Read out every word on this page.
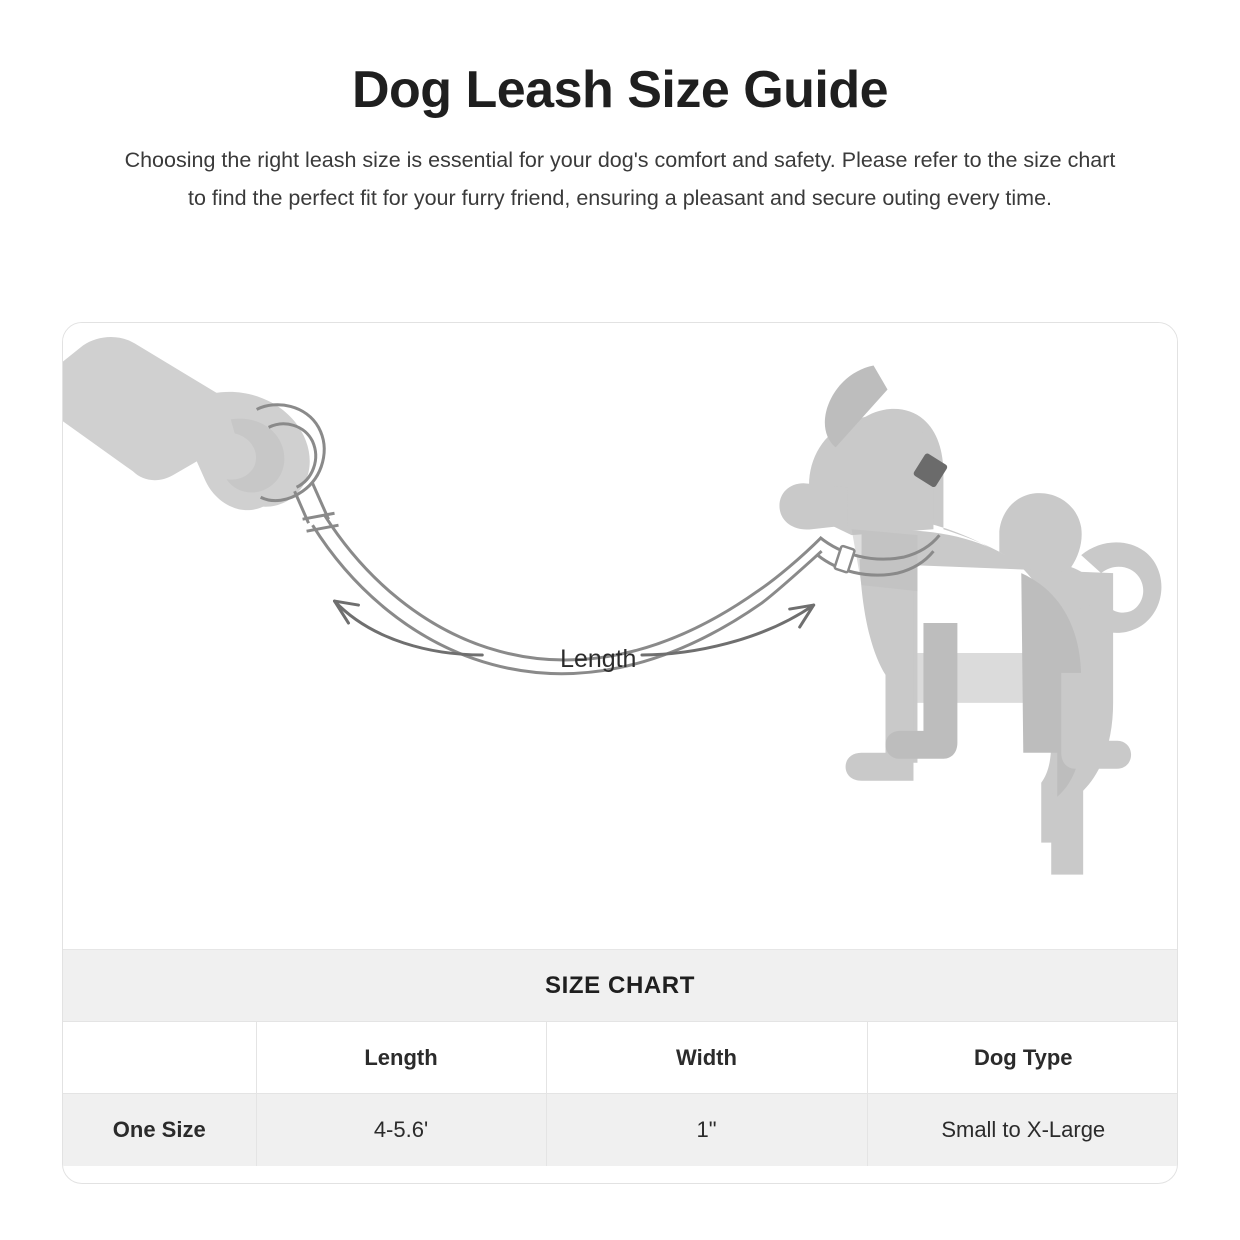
Dog Leash Size Guide

Choosing the right leash size is essential for your dog's comfort and safety. Please refer to the size chart to find the perfect fit for your furry friend, ensuring a pleasant and secure outing every time.

Length
SIZE CHART
	Length	Width	Dog Type
One Size	4-5.6'	1"	Small to X-Large
